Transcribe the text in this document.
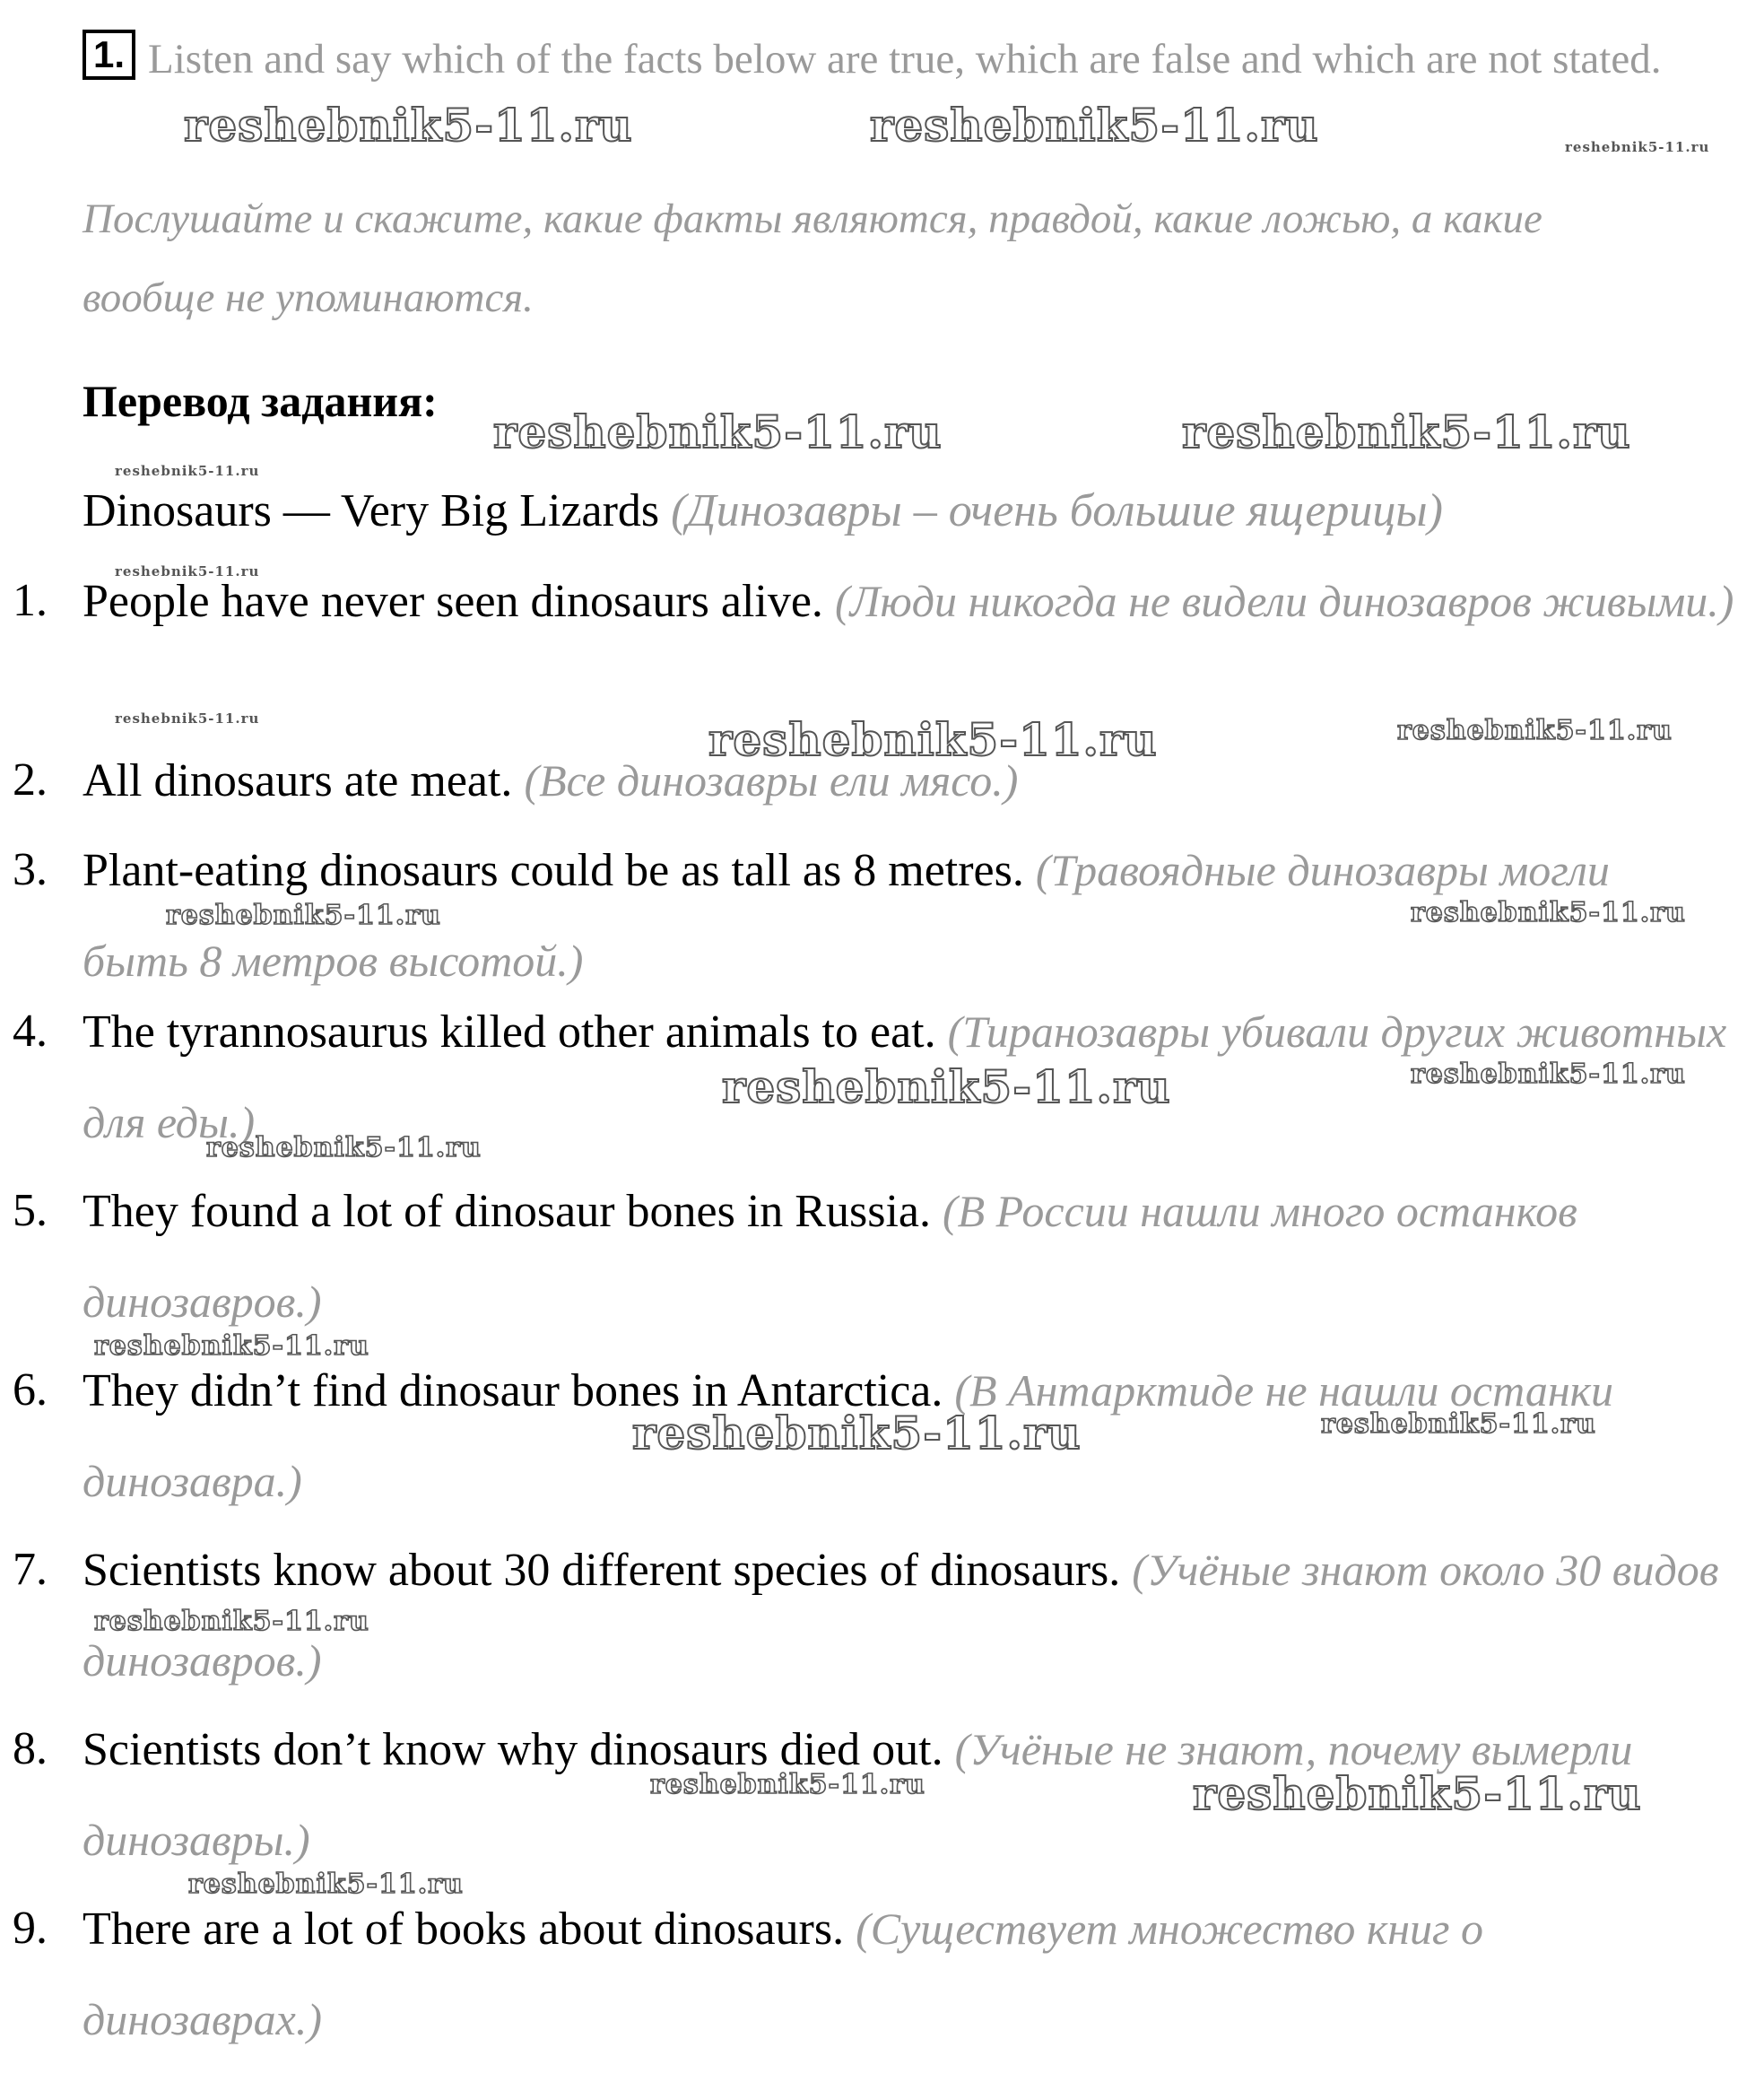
1. Listen and say which of the facts below are true, which are false and which are not stated.
Послушайте и скажите, какие факты являются, правдой, какие ложью, а какие вообще не упоминаются.
Перевод задания:
Dinosaurs — Very Big Lizards (Динозавры – очень большие ящерицы)
1. People have never seen dinosaurs alive. (Люди никогда не видели динозавров живыми.)
2. All dinosaurs ate meat. (Все динозавры ели мясо.)
3. Plant-eating dinosaurs could be as tall as 8 metres. (Травоядные динозавры могли быть 8 метров высотой.)
4. The tyrannosaurus killed other animals to eat. (Тиранозавры убивали других животных для еды.)
5. They found a lot of dinosaur bones in Russia. (В России нашли много останков динозавров.)
6. They didn’t find dinosaur bones in Antarctica. (В Антарктиде не нашли останки динозавра.)
7. Scientists know about 30 different species of dinosaurs. (Учёные знают около 30 видов динозавров.)
8. Scientists don’t know why dinosaurs died out. (Учёные не знают, почему вымерли динозавры.)
9. There are a lot of books about dinosaurs. (Существует множество книг о динозаврах.)
reshebnik5-11.ru	reshebnik5-11.ru	reshebnik5-11.ru
reshebnik5-11.ru	reshebnik5-11.ru
reshebnik5-11.ru
reshebnik5-11.ru
reshebnik5-11.ru	reshebnik5-11.ru	reshebnik5-11.ru
reshebnik5-11.ru	reshebnik5-11.ru
reshebnik5-11.ru	reshebnik5-11.ru
reshebnik5-11.ru
reshebnik5-11.ru
reshebnik5-11.ru	reshebnik5-11.ru
reshebnik5-11.ru
reshebnik5-11.ru	reshebnik5-11.ru
reshebnik5-11.ru
